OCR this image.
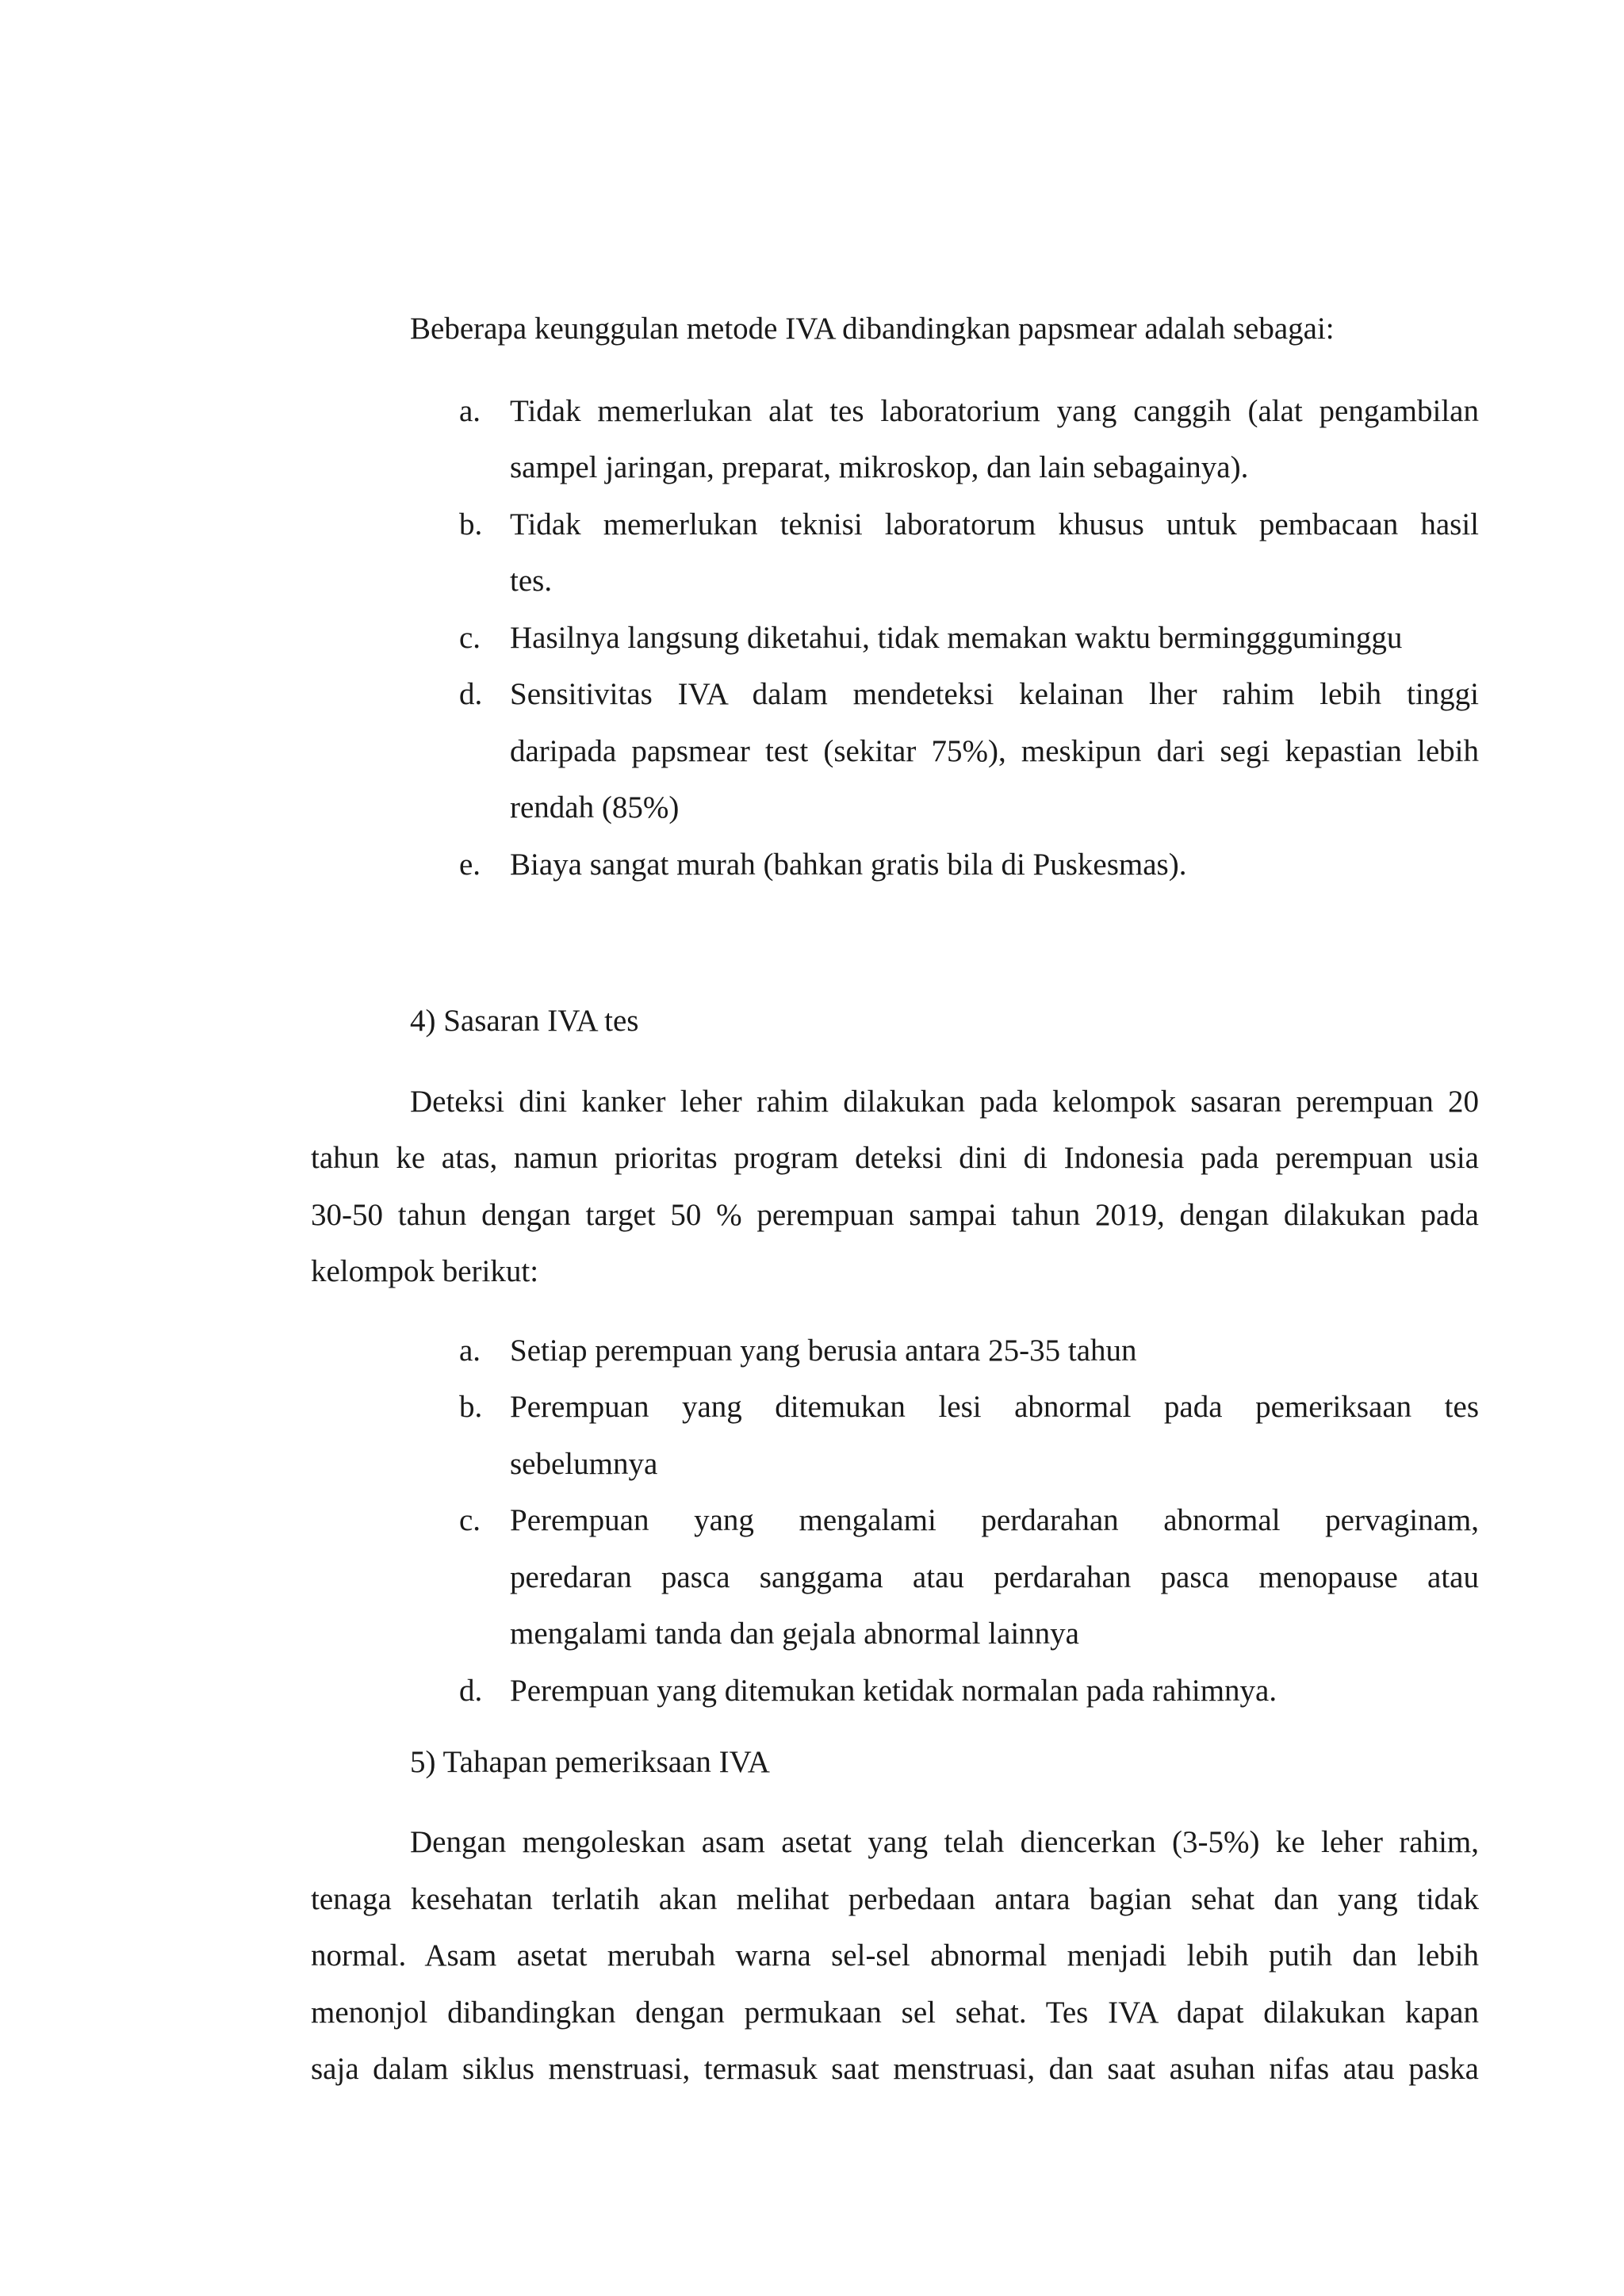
Beberapa keunggulan metode IVA dibandingkan papsmear adalah sebagai:
a. Tidak memerlukan alat tes laboratorium yang canggih (alat pengambilan
sampel jaringan, preparat, mikroskop, dan lain sebagainya).
b. Tidak memerlukan teknisi laboratorum khusus untuk pembacaan hasil
tes.
c. Hasilnya langsung diketahui, tidak memakan waktu berminggguminggu
d. Sensitivitas IVA dalam mendeteksi kelainan lher rahim lebih tinggi
daripada papsmear test (sekitar 75%), meskipun dari segi kepastian lebih
rendah (85%)
e. Biaya sangat murah (bahkan gratis bila di Puskesmas).
4) Sasaran IVA tes
Deteksi dini kanker leher rahim dilakukan pada kelompok sasaran perempuan 20
tahun ke atas, namun prioritas program deteksi dini di Indonesia pada perempuan usia
30-50 tahun dengan target 50 % perempuan sampai tahun 2019, dengan dilakukan pada
kelompok berikut:
a. Setiap perempuan yang berusia antara 25-35 tahun
b. Perempuan yang ditemukan lesi abnormal pada pemeriksaan tes
sebelumnya
c. Perempuan yang mengalami perdarahan abnormal pervaginam,
peredaran pasca sanggama atau perdarahan pasca menopause atau
mengalami tanda dan gejala abnormal lainnya
d. Perempuan yang ditemukan ketidak normalan pada rahimnya.
5) Tahapan pemeriksaan IVA
Dengan mengoleskan asam asetat yang telah diencerkan (3-5%) ke leher rahim,
tenaga kesehatan terlatih akan melihat perbedaan antara bagian sehat dan yang tidak
normal. Asam asetat merubah warna sel-sel abnormal menjadi lebih putih dan lebih
menonjol dibandingkan dengan permukaan sel sehat. Tes IVA dapat dilakukan kapan
saja dalam siklus menstruasi, termasuk saat menstruasi, dan saat asuhan nifas atau paska
